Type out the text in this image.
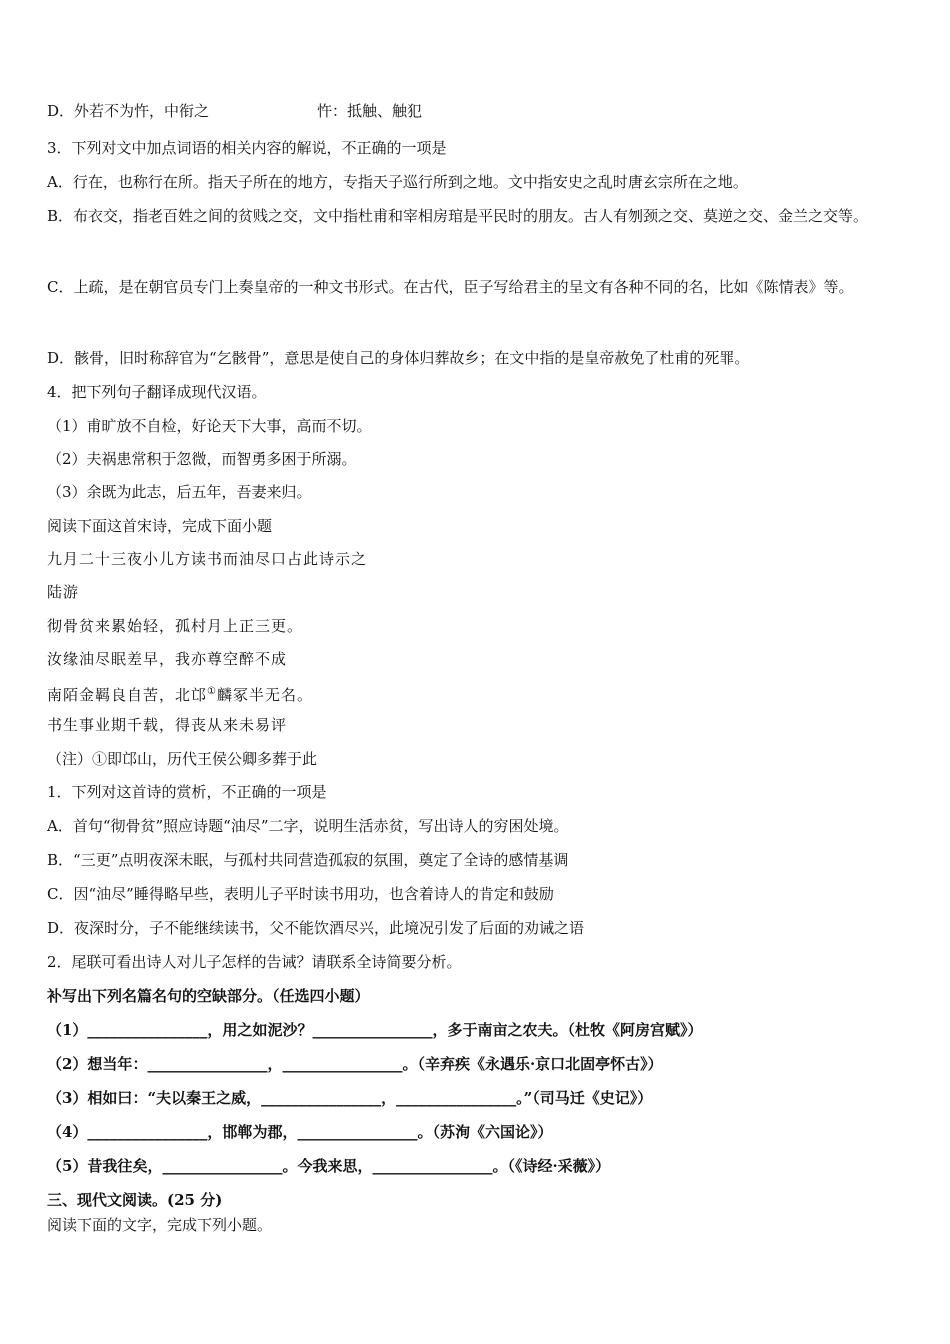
D．外若不为忤，中衔之	忤：抵触、触犯
3．下列对文中加点词语的相关内容的解说，不正确的一项是
A．行在，也称行在所。指天子所在的地方，专指天子巡行所到之地。文中指安史之乱时唐玄宗所在之地。
B．布衣交，指老百姓之间的贫贱之交，文中指杜甫和宰相房琯是平民时的朋友。古人有刎颈之交、莫逆之交、金兰之交等。
C．上疏，是在朝官员专门上奏皇帝的一种文书形式。在古代，臣子写给君主的呈文有各种不同的名，比如《陈情表》等。
D．骸骨，旧时称辞官为“乞骸骨”，意思是使自己的身体归葬故乡；在文中指的是皇帝赦免了杜甫的死罪。
4．把下列句子翻译成现代汉语。
（1）甫旷放不自检，好论天下大事，高而不切。
（2）夫祸患常积于忽微，而智勇多困于所溺。
（3）余既为此志，后五年，吾妻来归。
阅读下面这首宋诗，完成下面小题
九月二十三夜小儿方读书而油尽口占此诗示之
陆游
彻骨贫来累始轻，孤村月上正三更。
汝缘油尽眠差早，我亦尊空醉不成
南陌金羁良自苦，北邙①麟冢半无名。
书生事业期千载，得丧从来未易评
（注）①即邙山，历代王侯公卿多葬于此
1．下列对这首诗的赏析，不正确的一项是
A．首句“彻骨贫”照应诗题“油尽”二字，说明生活赤贫，写出诗人的穷困处境。
B．“三更”点明夜深未眠，与孤村共同营造孤寂的氛围，奠定了全诗的感情基调
C．因“油尽”睡得略早些，表明儿子平时读书用功，也含着诗人的肯定和鼓励
D．夜深时分，子不能继续读书，父不能饮酒尽兴，此境况引发了后面的劝诫之语
2．尾联可看出诗人对儿子怎样的告诫？请联系全诗简要分析。
补写出下列名篇名句的空缺部分。（任选四小题）
（1）________________，用之如泥沙？________________，多于南亩之农夫。（杜牧《阿房宫赋》）
（2）想当年：________________，________________。（辛弃疾《永遇乐·京口北固亭怀古》）
（3）相如曰：“夫以秦王之威，________________，________________。”（司马迁《史记》）
（4）________________，邯郸为郡，________________。（苏洵《六国论》）
（5）昔我往矣，________________。今我来思，________________。（《诗经·采薇》）
三、现代文阅读。(25 分)
阅读下面的文字，完成下列小题。
